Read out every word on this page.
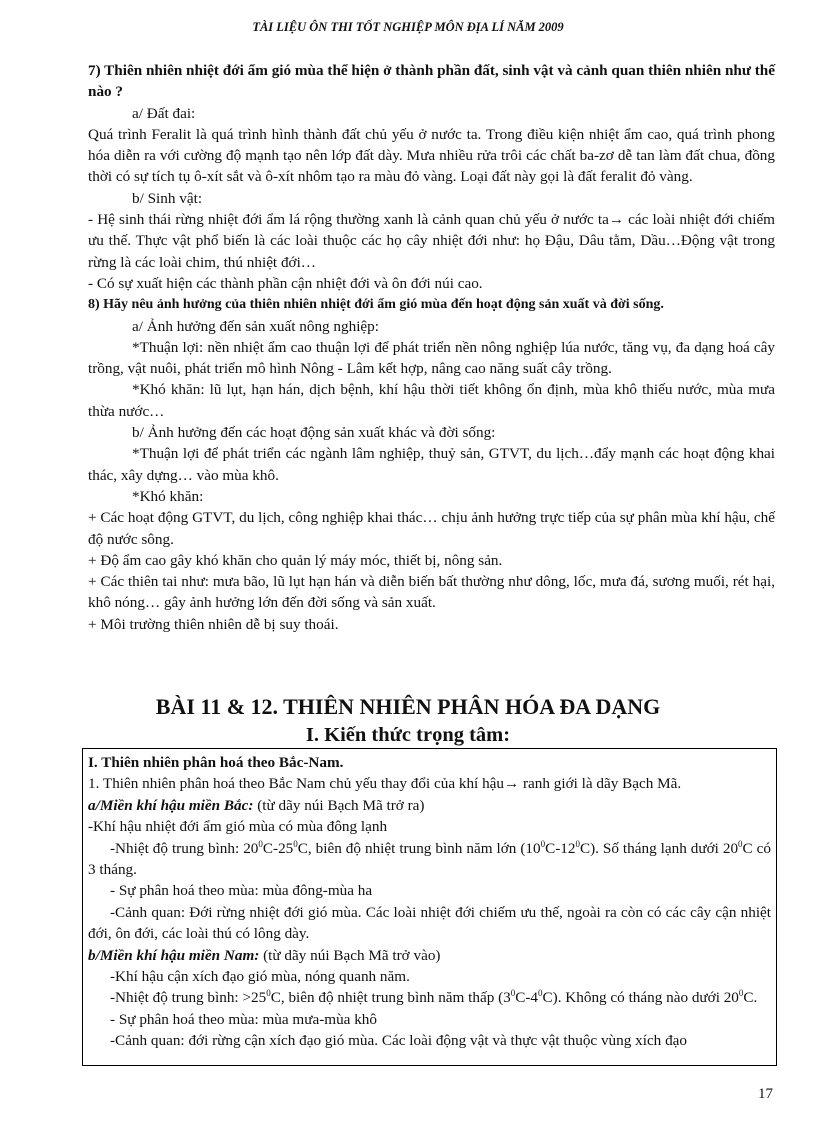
TÀI LIỆU ÔN THI TỐT NGHIỆP MÔN ĐỊA LÍ NĂM 2009

7) Thiên nhiên nhiệt đới ẩm gió mùa thể hiện ở thành phần đất, sinh vật và cảnh quan thiên nhiên như thế nào ?

a/ Đất đai:

Quá trình Feralit là quá trình hình thành đất chủ yếu ở nước ta. Trong điều kiện nhiệt ẩm cao, quá trình phong hóa diễn ra với cường độ mạnh tạo nên lớp đất dày. Mưa nhiều rửa trôi các chất ba-zơ dễ tan làm đất chua, đồng thời có sự tích tụ ô-xít sắt và ô-xít nhôm tạo ra màu đỏ vàng. Loại đất này gọi là đất feralit đỏ vàng.

b/ Sinh vật:

- Hệ sinh thái rừng nhiệt đới ẩm lá rộng thường xanh là cảnh quan chủ yếu ở nước ta→ các loài nhiệt đới chiếm ưu thế. Thực vật phổ biến là các loài thuộc các họ cây nhiệt đới như: họ Đậu, Dâu tằm, Dầu…Động vật trong rừng là các loài chim, thú nhiệt đới…

- Có sự xuất hiện các thành phần cận nhiệt đới và ôn đới núi cao.

8) Hãy nêu ảnh hưởng của thiên nhiên nhiệt đới ẩm gió mùa đến hoạt động sản xuất và đời sống.

a/ Ảnh hưởng đến sản xuất nông nghiệp:

*Thuận lợi: nền nhiệt ẩm cao thuận lợi để phát triển nền nông nghiệp lúa nước, tăng vụ, đa dạng hoá cây trồng, vật nuôi, phát triển mô hình Nông - Lâm kết hợp, nâng cao năng suất cây trồng.

*Khó khăn: lũ lụt, hạn hán, dịch bệnh, khí hậu thời tiết không ổn định, mùa khô thiếu nước, mùa mưa thừa nước…

b/ Ảnh hưởng đến các hoạt động sản xuất khác và đời sống:

*Thuận lợi để phát triển các ngành lâm nghiệp, thuỷ sản, GTVT, du lịch…đẩy mạnh các hoạt động khai thác, xây dựng… vào mùa khô.

*Khó khăn:

+ Các hoạt động GTVT, du lịch, công nghiệp khai thác… chịu ảnh hưởng trực tiếp của sự phân mùa khí hậu, chế độ nước sông.

+ Độ ẩm cao gây khó khăn cho quản lý máy móc, thiết bị, nông sản.

+ Các thiên tai như: mưa bão, lũ lụt hạn hán và diễn biến bất thường như dông, lốc, mưa đá, sương muối, rét hại, khô nóng… gây ảnh hưởng lớn đến đời sống và sản xuất.

+ Môi trường thiên nhiên dễ bị suy thoái.

BÀI 11 & 12. THIÊN NHIÊN PHÂN HÓA ĐA DẠNG
I. Kiến thức trọng tâm:

I. Thiên nhiên phân hoá theo Bắc-Nam.

1. Thiên nhiên phân hoá theo Bắc Nam chủ yếu thay đổi của khí hậu→ ranh giới là dãy Bạch Mã.

a/Miền khí hậu miền Bắc: (từ dãy núi Bạch Mã trở ra)

-Khí hậu nhiệt đới ẩm gió mùa có mùa đông lạnh

-Nhiệt độ trung bình: $20^0C-25^0C$, biên độ nhiệt trung bình năm lớn $(10^0C-12^0C)$. Số tháng lạnh dưới $20^0C$ có 3 tháng.

- Sự phân hoá theo mùa: mùa đông-mùa ha

-Cảnh quan: Đới rừng nhiệt đới gió mùa. Các loài nhiệt đới chiếm ưu thế, ngoài ra còn có các cây cận nhiệt đới, ôn đới, các loài thú có lông dày.

b/Miền khí hậu miền Nam: (từ dãy núi Bạch Mã trở vào)

-Khí hậu cận xích đạo gió mùa, nóng quanh năm.

-Nhiệt độ trung bình: $>25^0C$, biên độ nhiệt trung bình năm thấp $(3^0C-4^0C)$. Không có tháng nào dưới $20^0C$.

- Sự phân hoá theo mùa: mùa mưa-mùa khô

-Cảnh quan: đới rừng cận xích đạo gió mùa. Các loài động vật và thực vật thuộc vùng xích đạo

17
